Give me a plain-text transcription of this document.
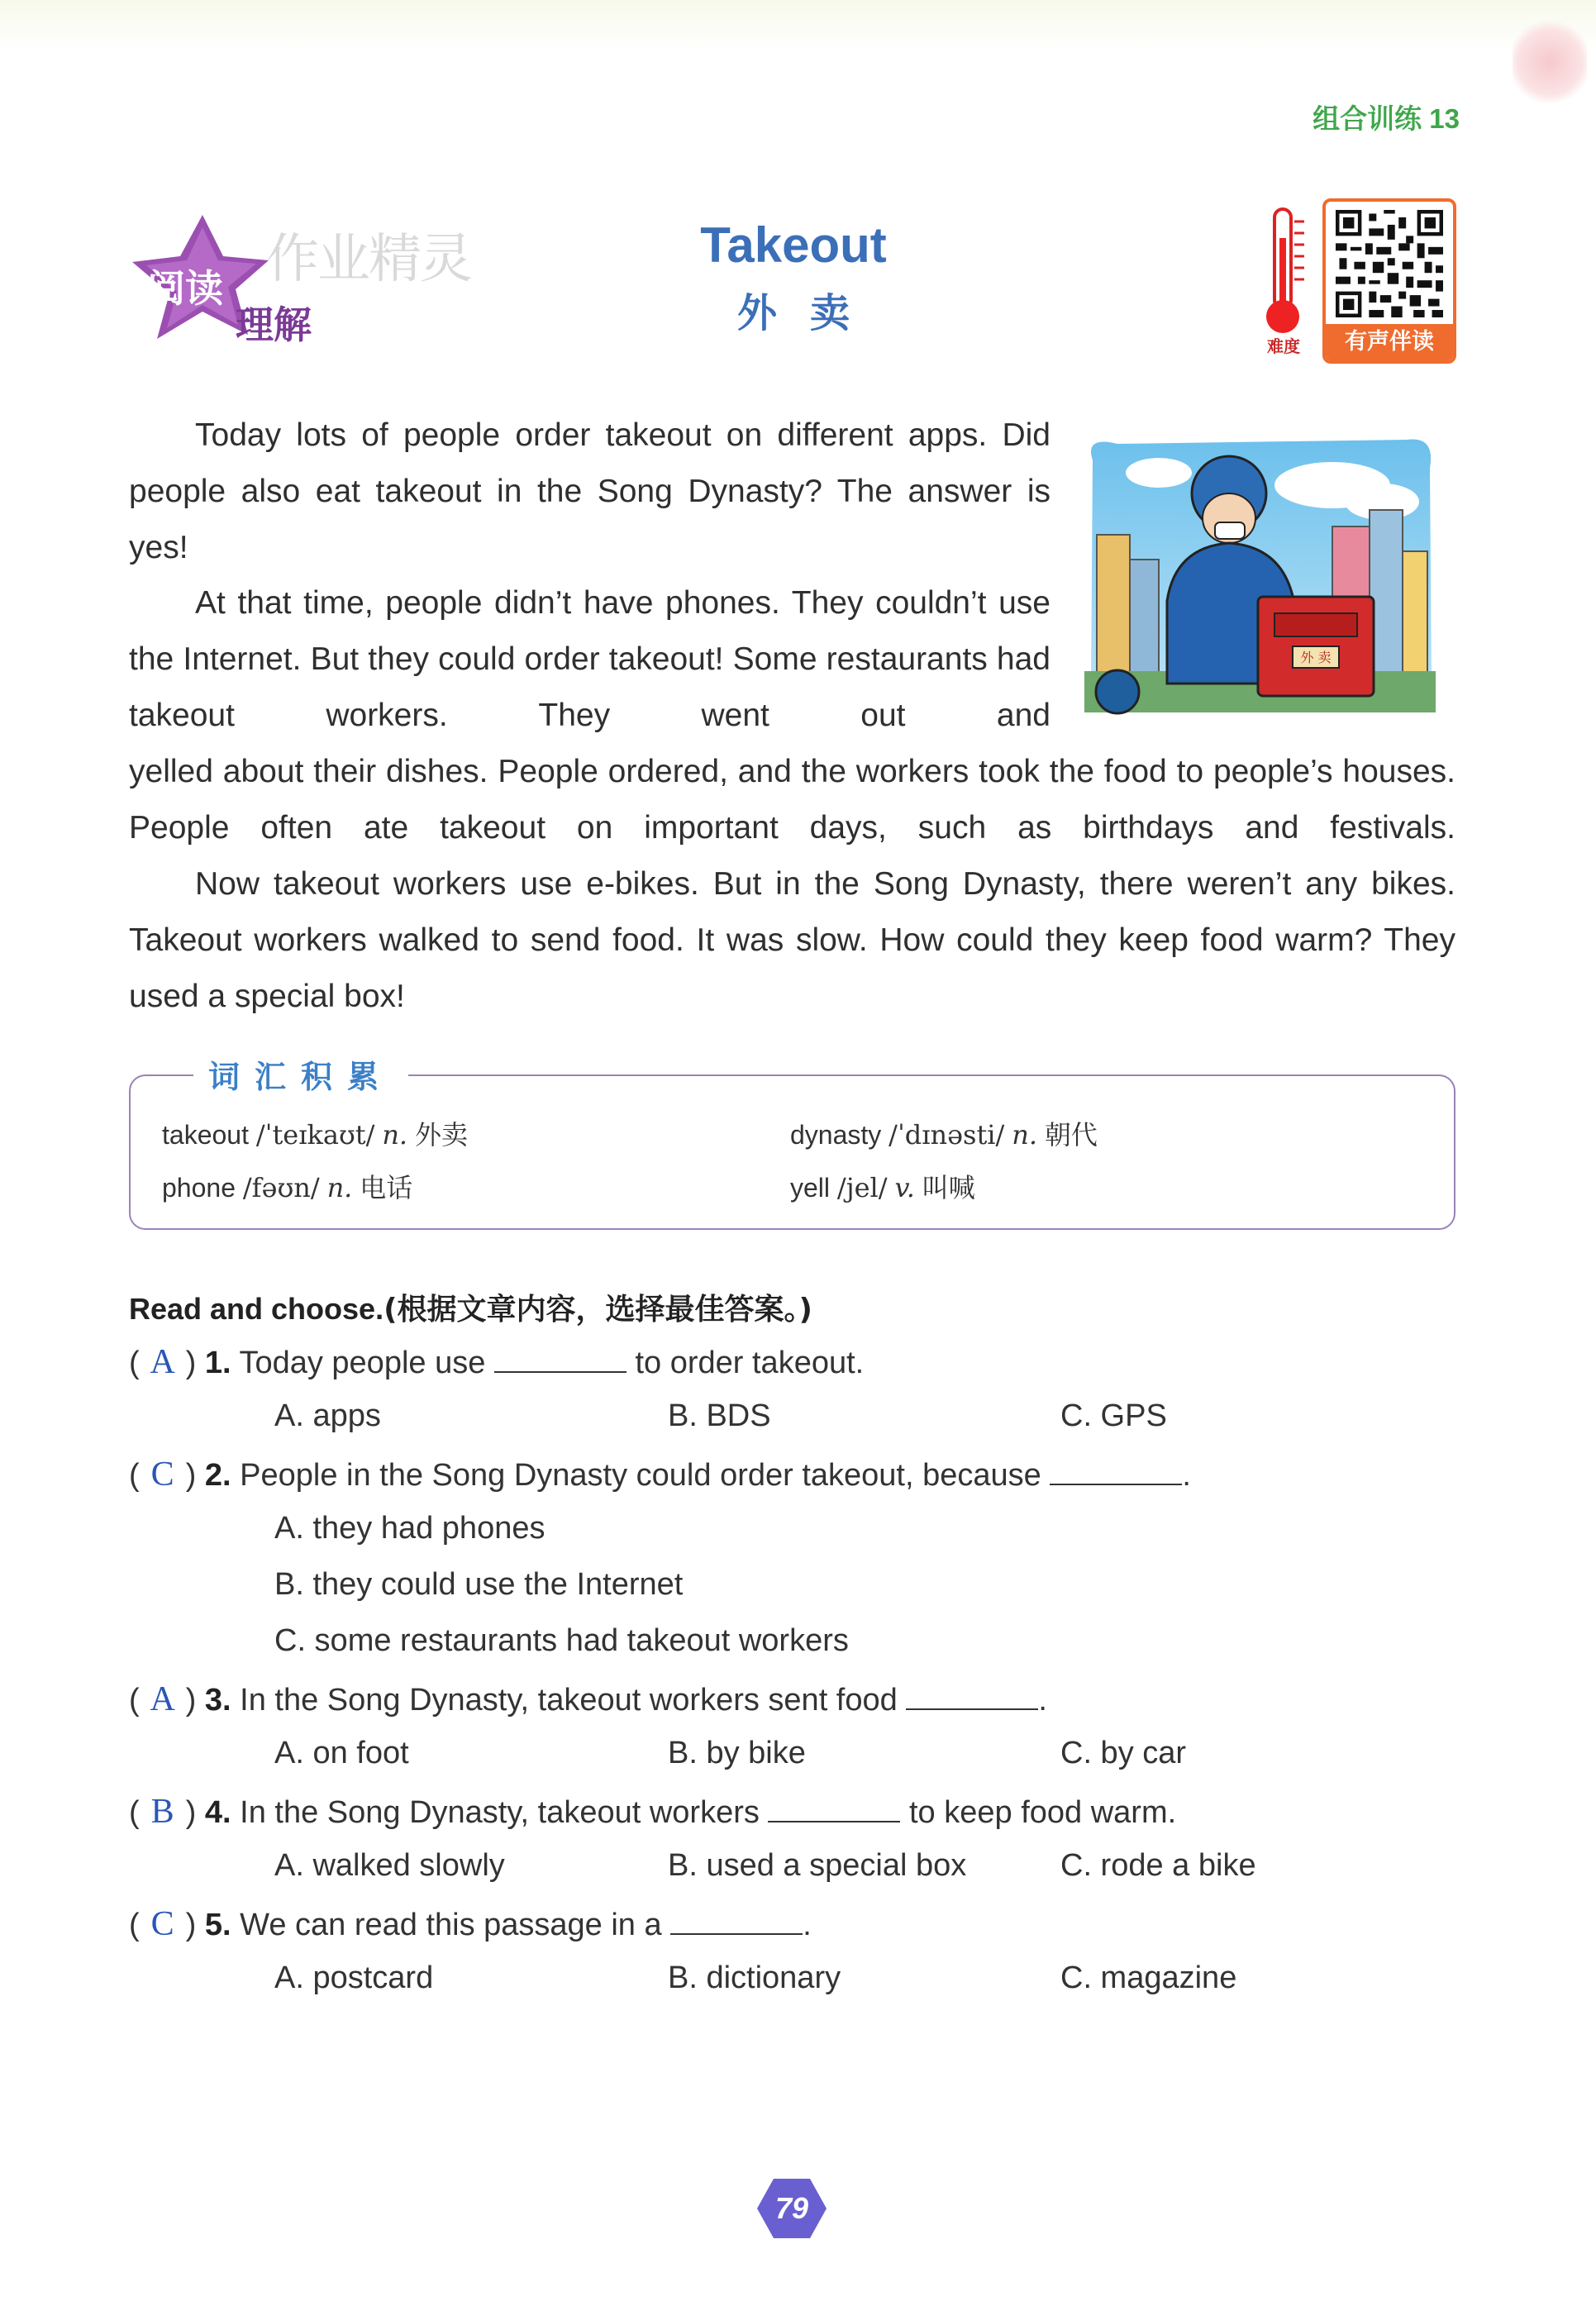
组合训练 13
阅读
理解
作业精灵	Takeout
外卖
难度	有声伴读
Today lots of people order takeout on different apps. Did people also eat takeout in the Song Dynasty? The answer is yes!
At that time, people didn’t have phones. They couldn’t use the Internet. But they could order takeout! Some restaurants had takeout workers. They went out and
yelled about their dishes. People ordered, and the workers took the food to people’s houses. People often ate takeout on important days, such as birthdays and festivals.
Now takeout workers use e-bikes. But in the Song Dynasty, there weren’t any bikes. Takeout workers walked to send food. It was slow. How could they keep food warm? They used a special box!
外 卖
词汇积累
takeout /ˈteɪkaʊt/ n. 外卖	dynasty /ˈdɪnəsti/ n. 朝代
phone /fəʊn/ n. 电话	yell /jel/ v. 叫喊
Read and choose.(根据文章内容，选择最佳答案。)
( A ) 1. Today people use	to order takeout.
A. apps	B. BDS	C. GPS
( C ) 2. People in the Song Dynasty could order takeout, because	.
A. they had phones
B. they could use the Internet
C. some restaurants had takeout workers
( A ) 3. In the Song Dynasty, takeout workers sent food	.
A. on foot	B. by bike	C. by car
( B ) 4. In the Song Dynasty, takeout workers	to keep food warm.
A. walked slowly	B. used a special box	C. rode a bike
( C ) 5. We can read this passage in a	.
A. postcard	B. dictionary	C. magazine
79
